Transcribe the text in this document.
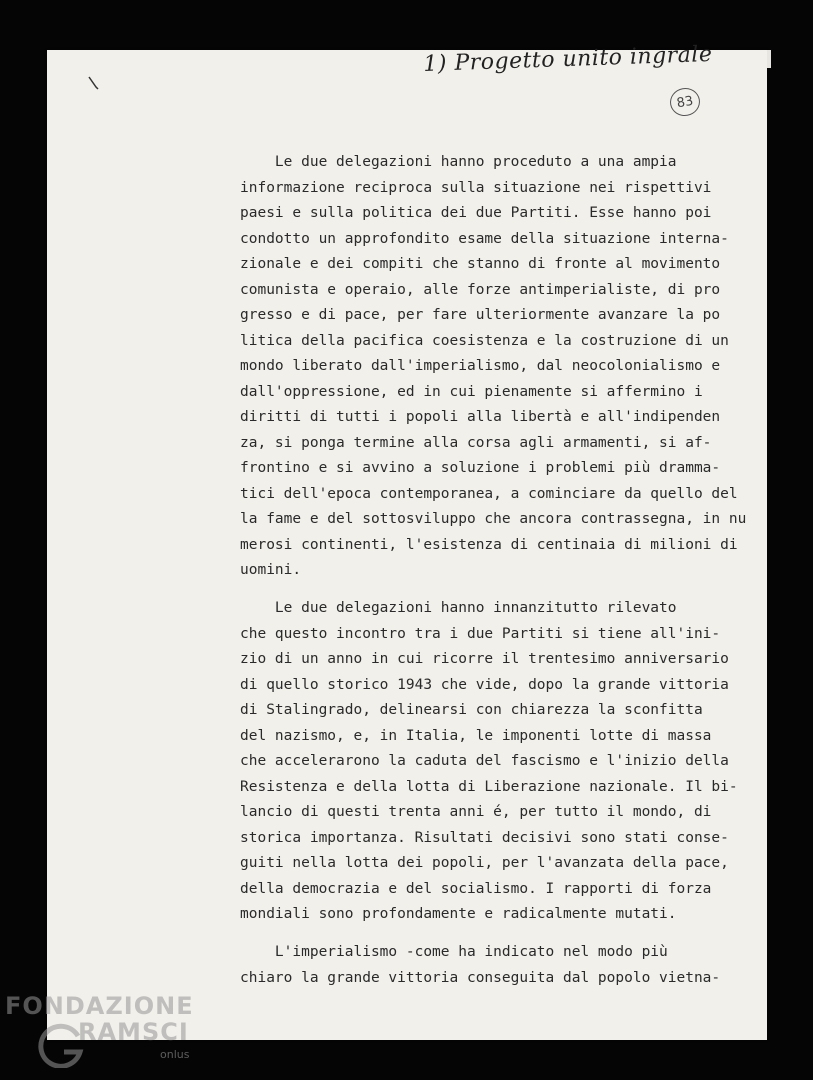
1) Progetto unito ingrale
83
Le due delegazioni hanno proceduto a una ampia
informazione reciproca sulla situazione nei rispettivi
paesi e sulla politica dei due Partiti. Esse hanno poi
condotto un approfondito esame della situazione interna-
zionale e dei compiti che stanno di fronte al movimento
comunista e operaio, alle forze antimperialiste, di pro
gresso e di pace, per fare ulteriormente avanzare la po
litica della pacifica coesistenza e la costruzione di un
mondo liberato dall'imperialismo, dal neocolonialismo e
dall'oppressione, ed in cui pienamente si affermino i
diritti di tutti i popoli alla libertà e all'indipenden
za, si ponga termine alla corsa agli armamenti, si af-
frontino e si avvino a soluzione i problemi più dramma-
tici dell'epoca contemporanea, a cominciare da quello del
la fame e del sottosviluppo che ancora contrassegna, in nu
merosi continenti, l'esistenza di centinaia di milioni di
uomini.
Le due delegazioni hanno innanzitutto rilevato
che questo incontro tra i due Partiti si tiene all'ini-
zio di un anno in cui ricorre il trentesimo anniversario
di quello storico 1943 che vide, dopo la grande vittoria
di Stalingrado, delinearsi con chiarezza la sconfitta
del nazismo, e, in Italia, le imponenti lotte di massa
che accelerarono la caduta del fascismo e l'inizio della
Resistenza e della lotta di Liberazione nazionale. Il bi-
lancio di questi trenta anni é, per tutto il mondo, di
storica importanza. Risultati decisivi sono stati conse-
guiti nella lotta dei popoli, per l'avanzata della pace,
della democrazia e del socialismo. I rapporti di forza
mondiali sono profondamente e radicalmente mutati.
L'imperialismo -come ha indicato nel modo più
chiaro la grande vittoria conseguita dal popolo vietna-
FONDAZIONE
RAMSCI
onlus
